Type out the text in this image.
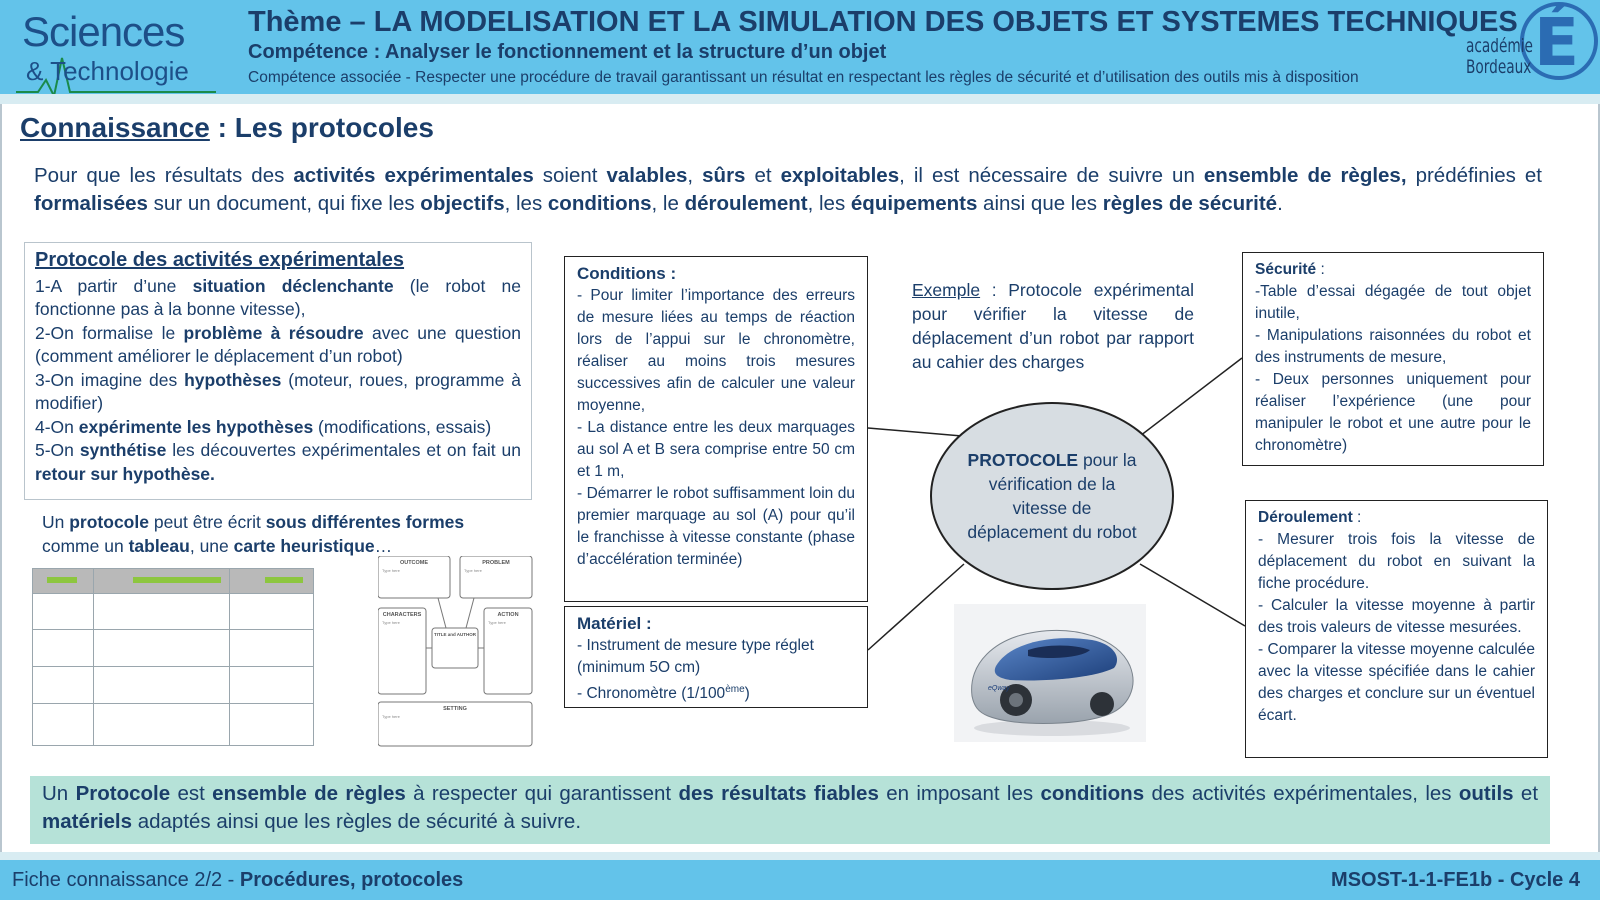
Sciences
& Technologie
Thème – LA MODELISATION ET LA SIMULATION DES OBJETS ET SYSTEMES TECHNIQUES
Compétence : Analyser le fonctionnement et la structure d’un objet
Compétence associée - Respecter une procédure de travail garantissant un résultat en respectant les règles de sécurité et d’utilisation des outils mis à disposition	É
académie
Bordeaux
Connaissance : Les protocoles
Pour que les résultats des activités expérimentales soient valables, sûrs et exploitables, il est nécessaire de suivre un ensemble de règles, prédéfinies et formalisées sur un document, qui fixe les objectifs, les conditions, le déroulement, les équipements ainsi que les règles de sécurité.
Protocole des activités expérimentales
1-A partir d’une situation déclenchante (le robot ne fonctionne pas à la bonne vitesse),
2-On formalise le problème à résoudre avec une question (comment améliorer le déplacement d’un robot)
3-On imagine des hypothèses (moteur, roues, programme à modifier)
4-On expérimente les hypothèses (modifications, essais)
5-On synthétise les découvertes expérimentales et on fait un retour sur hypothèse.
Un protocole peut être écrit sous différentes formes comme un tableau, une carte heuristique…
OUTCOME	PROBLEM
CHARACTERS	ACTION
TITLE and AUTHOR
SETTING
Type here	Type here
Type here	Type here
Type here
Conditions :
- Pour limiter l’importance des erreurs de mesure liées au temps de réaction lors de l’appui sur le chronomètre, réaliser au moins trois mesures successives afin de calculer une valeur moyenne,
- La distance entre les deux marquages au sol A et B sera comprise entre 50 cm et 1 m,
- Démarrer le robot suffisamment loin du premier marquage au sol (A) pour qu’il le franchisse à vitesse constante (phase d’accélération terminée)
Matériel :
- Instrument de mesure type réglet (minimum 5O cm)
- Chronomètre (1/100ème)
Exemple : Protocole expérimental pour vérifier la vitesse de déplacement d’un robot par rapport au cahier des charges
PROTOCOLE pour la vérification de la vitesse de déplacement du robot
eQway
Sécurité :
-Table d’essai dégagée de tout objet inutile,
- Manipulations raisonnées du robot et des instruments de mesure,
- Deux personnes uniquement pour réaliser l’expérience (une pour manipuler le robot et une autre pour le chronomètre)
Déroulement :
- Mesurer trois fois la vitesse de déplacement du robot en suivant la fiche procédure.
- Calculer la vitesse moyenne à partir des trois valeurs de vitesse mesurées.
- Comparer la vitesse moyenne calculée avec la vitesse spécifiée dans le cahier des charges et conclure sur un éventuel écart.
Un Protocole est ensemble de règles à respecter qui garantissent des résultats fiables en imposant les conditions des activités expérimentales, les outils et matériels adaptés ainsi que les règles de sécurité à suivre.
Fiche connaissance 2/2 - Procédures, protocoles	MSOST-1-1-FE1b - Cycle 4
